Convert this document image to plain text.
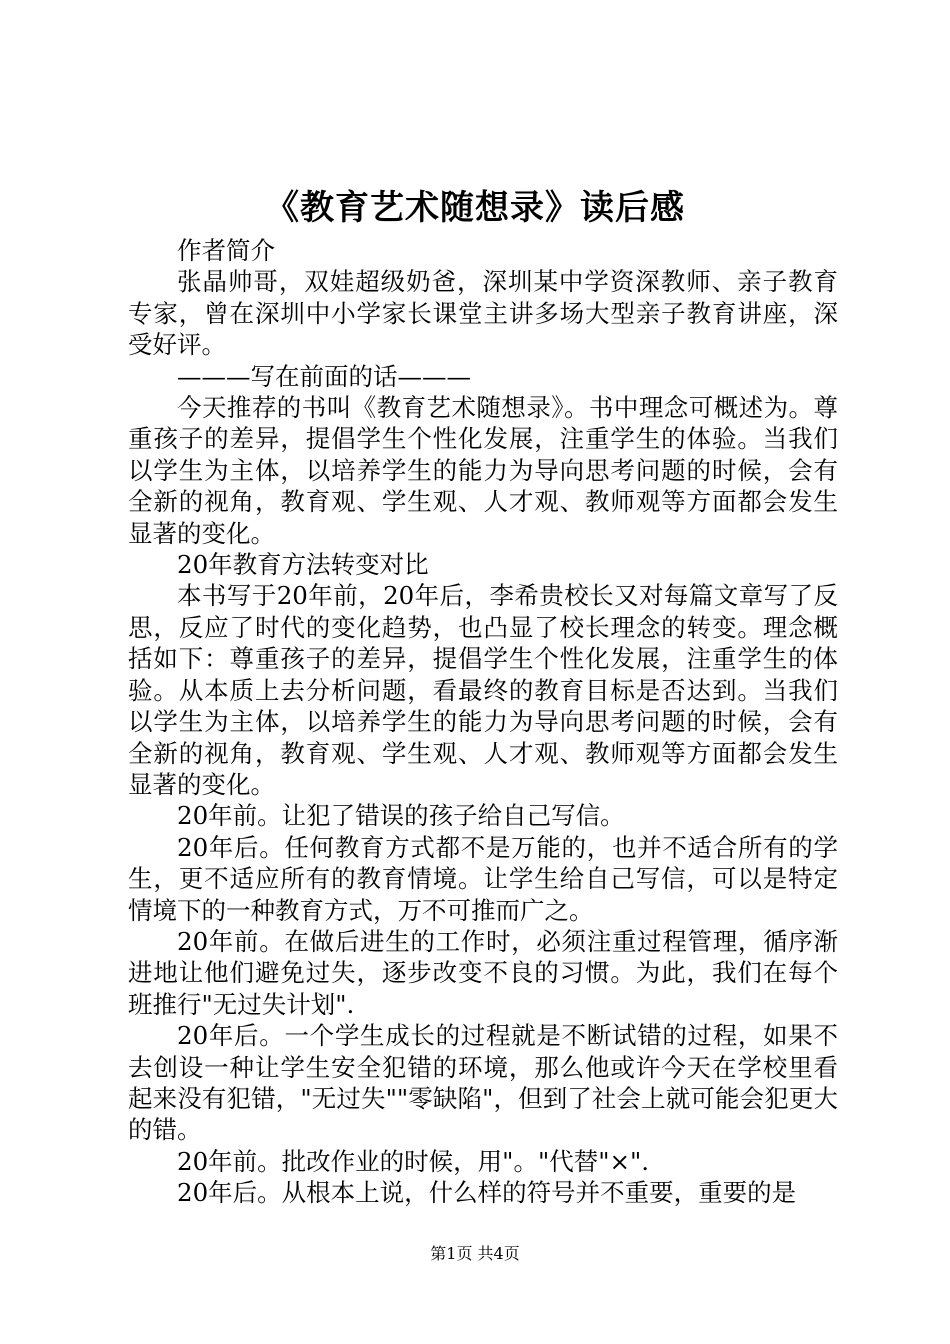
《教育艺术随想录》读后感

作者简介

张晶帅哥，双娃超级奶爸，深圳某中学资深教师、亲子教育专家，曾在深圳中小学家长课堂主讲多场大型亲子教育讲座，深受好评。

———写在前面的话———

今天推荐的书叫《教育艺术随想录》。书中理念可概述为。尊重孩子的差异，提倡学生个性化发展，注重学生的体验。当我们以学生为主体，以培养学生的能力为导向思考问题的时候，会有全新的视角，教育观、学生观、人才观、教师观等方面都会发生显著的变化。

20年教育方法转变对比

本书写于20年前，20年后，李希贵校长又对每篇文章写了反思，反应了时代的变化趋势，也凸显了校长理念的转变。理念概括如下：尊重孩子的差异，提倡学生个性化发展，注重学生的体验。从本质上去分析问题，看最终的教育目标是否达到。当我们以学生为主体，以培养学生的能力为导向思考问题的时候，会有全新的视角，教育观、学生观、人才观、教师观等方面都会发生显著的变化。

20年前。让犯了错误的孩子给自己写信。

20年后。任何教育方式都不是万能的，也并不适合所有的学生，更不适应所有的教育情境。让学生给自己写信，可以是特定情境下的一种教育方式，万不可推而广之。

20年前。在做后进生的工作时，必须注重过程管理，循序渐进地让他们避免过失，逐步改变不良的习惯。为此，我们在每个班推行"无过失计划".

20年后。一个学生成长的过程就是不断试错的过程，如果不去创设一种让学生安全犯错的环境，那么他或许今天在学校里看起来没有犯错，"无过失""零缺陷"，但到了社会上就可能会犯更大的错。

20年前。批改作业的时候，用"。"代替"×".

20年后。从根本上说，什么样的符号并不重要，重要的是

第1页 共4页
